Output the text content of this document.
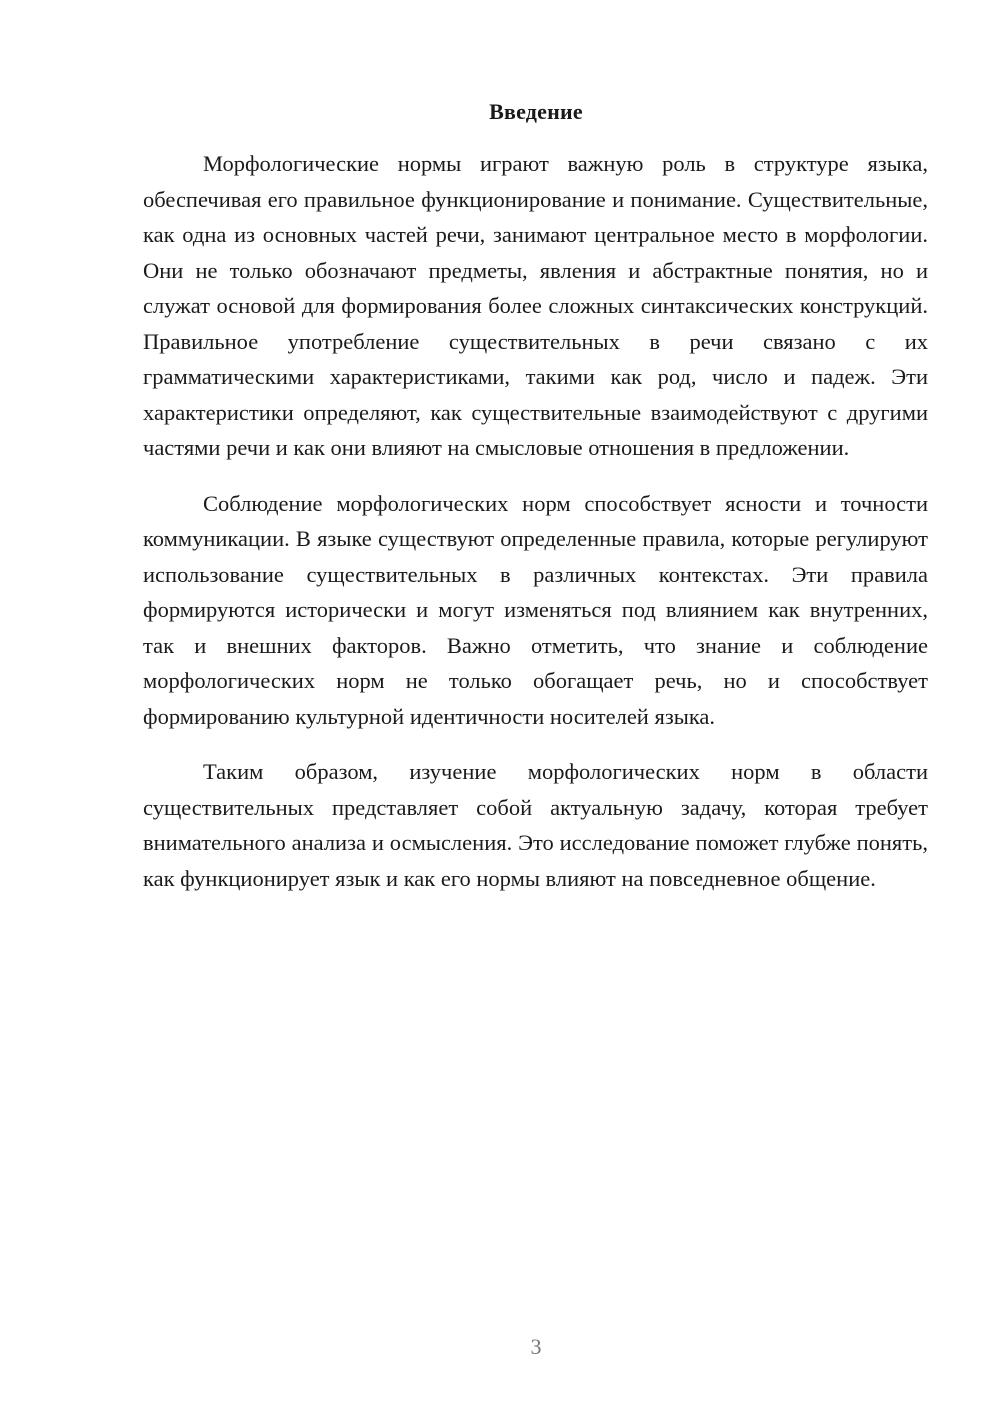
Введение

Морфологические нормы играют важную роль в структуре языка, обеспечивая его правильное функционирование и понимание. Существительные, как одна из основных частей речи, занимают центральное место в морфологии. Они не только обозначают предметы, явления и абстрактные понятия, но и служат основой для формирования более сложных синтаксических конструкций. Правильное употребление существительных в речи связано с их грамматическими характеристиками, такими как род, число и падеж. Эти характеристики определяют, как существительные взаимодействуют с другими частями речи и как они влияют на смысловые отношения в предложении.

Соблюдение морфологических норм способствует ясности и точности коммуникации. В языке существуют определенные правила, которые регулируют использование существительных в различных контекстах. Эти правила формируются исторически и могут изменяться под влиянием как внутренних, так и внешних факторов. Важно отметить, что знание и соблюдение морфологических норм не только обогащает речь, но и способствует формированию культурной идентичности носителей языка.

Таким образом, изучение морфологических норм в области существительных представляет собой актуальную задачу, которая требует внимательного анализа и осмысления. Это исследование поможет глубже понять, как функционирует язык и как его нормы влияют на повседневное общение.

3
